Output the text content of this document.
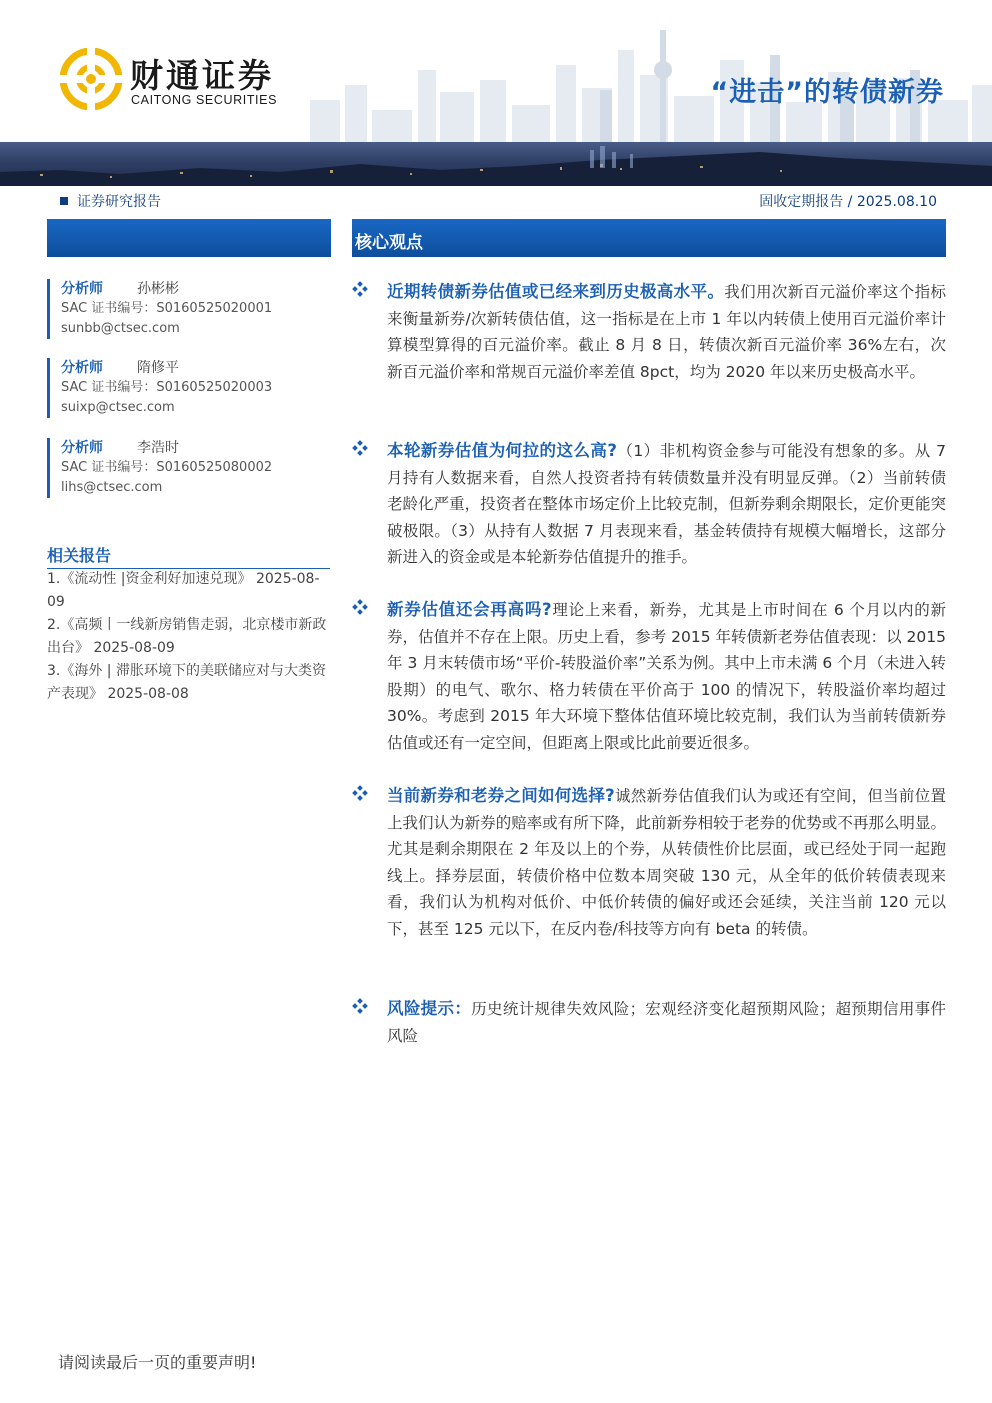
财通证券
CAITONG SECURITIES	“进击”的转债新券
证券研究报告	固收定期报告 / 2025.08.10
核心观点
分析师 孙彬彬
SAC 证书编号：S0160525020001
sunbb@ctsec.com
分析师 隋修平
SAC 证书编号：S0160525020003
suixp@ctsec.com
分析师 李浩时
SAC 证书编号：S0160525080002
lihs@ctsec.com
相关报告
1.《流动性 |资金利好加速兑现》 2025-08-09
2.《高频丨一线新房销售走弱，北京楼市新政出台》 2025-08-09
3.《海外 | 滞胀环境下的美联储应对与大类资产表现》 2025-08-08

近期转债新券估值或已经来到历史极高水平。我们用次新百元溢价率这个指标来衡量新券/次新转债估值，这一指标是在上市 1 年以内转债上使用百元溢价率计算模型算得的百元溢价率。截止 8 月 8 日，转债次新百元溢价率 36%左右，次新百元溢价率和常规百元溢价率差值 8pct，均为 2020 年以来历史极高水平。

本轮新券估值为何拉的这么高?（1）非机构资金参与可能没有想象的多。从 7 月持有人数据来看，自然人投资者持有转债数量并没有明显反弹。（2）当前转债老龄化严重，投资者在整体市场定价上比较克制，但新券剩余期限长，定价更能突破极限。（3）从持有人数据 7 月表现来看，基金转债持有规模大幅增长，这部分新进入的资金或是本轮新券估值提升的推手。

新券估值还会再高吗?理论上来看，新券，尤其是上市时间在 6 个月以内的新券，估值并不存在上限。历史上看，参考 2015 年转债新老券估值表现：以 2015 年 3 月末转债市场“平价-转股溢价率”关系为例。其中上市未满 6 个月（未进入转股期）的电气、歌尔、格力转债在平价高于 100 的情况下，转股溢价率均超过 30%。考虑到 2015 年大环境下整体估值环境比较克制，我们认为当前转债新券估值或还有一定空间，但距离上限或比此前要近很多。

当前新券和老券之间如何选择?诚然新券估值我们认为或还有空间，但当前位置上我们认为新券的赔率或有所下降，此前新券相较于老券的优势或不再那么明显。尤其是剩余期限在 2 年及以上的个券，从转债性价比层面，或已经处于同一起跑线上。择券层面，转债价格中位数本周突破 130 元，从全年的低价转债表现来看，我们认为机构对低价、中低价转债的偏好或还会延续，关注当前 120 元以下，甚至 125 元以下，在反内卷/科技等方向有 beta 的转债。

风险提示：历史统计规律失效风险；宏观经济变化超预期风险；超预期信用事件风险

请阅读最后一页的重要声明!
